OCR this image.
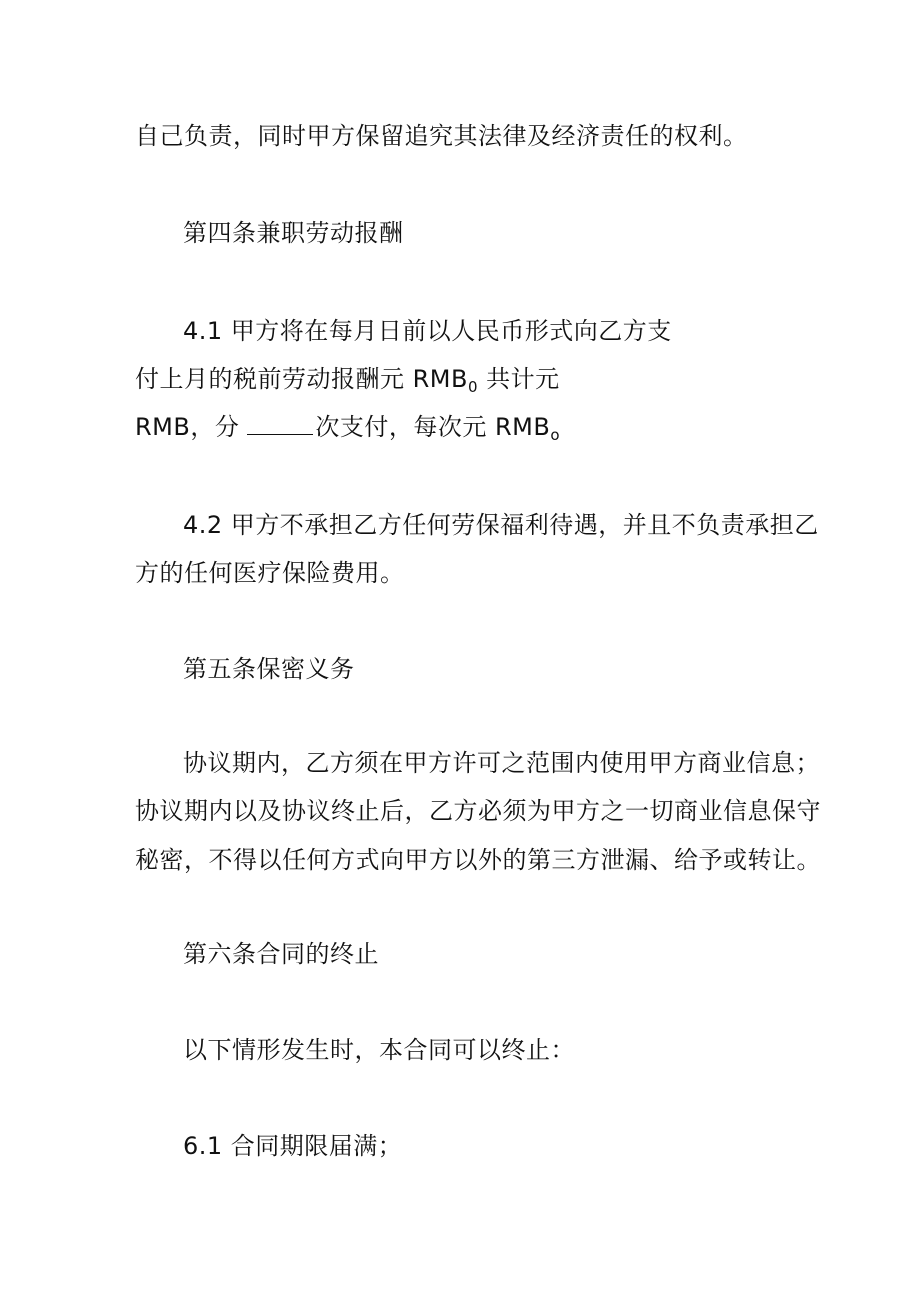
自己负责，同时甲方保留追究其法律及经济责任的权利。
第四条兼职劳动报酬
4.1 甲方将在每月日前以人民币形式向乙方支
付上月的税前劳动报酬元 $RMB_0$ 共计元
RMB，分	次支付，每次元 $RMB_o$
4.2 甲方不承担乙方任何劳保福利待遇，并且不负责承担乙
方的任何医疗保险费用。
第五条保密义务
协议期内，乙方须在甲方许可之范围内使用甲方商业信息；
协议期内以及协议终止后，乙方必须为甲方之一切商业信息保守
秘密，不得以任何方式向甲方以外的第三方泄漏、给予或转让。
第六条合同的终止
以下情形发生时，本合同可以终止：
6.1 合同期限届满；
